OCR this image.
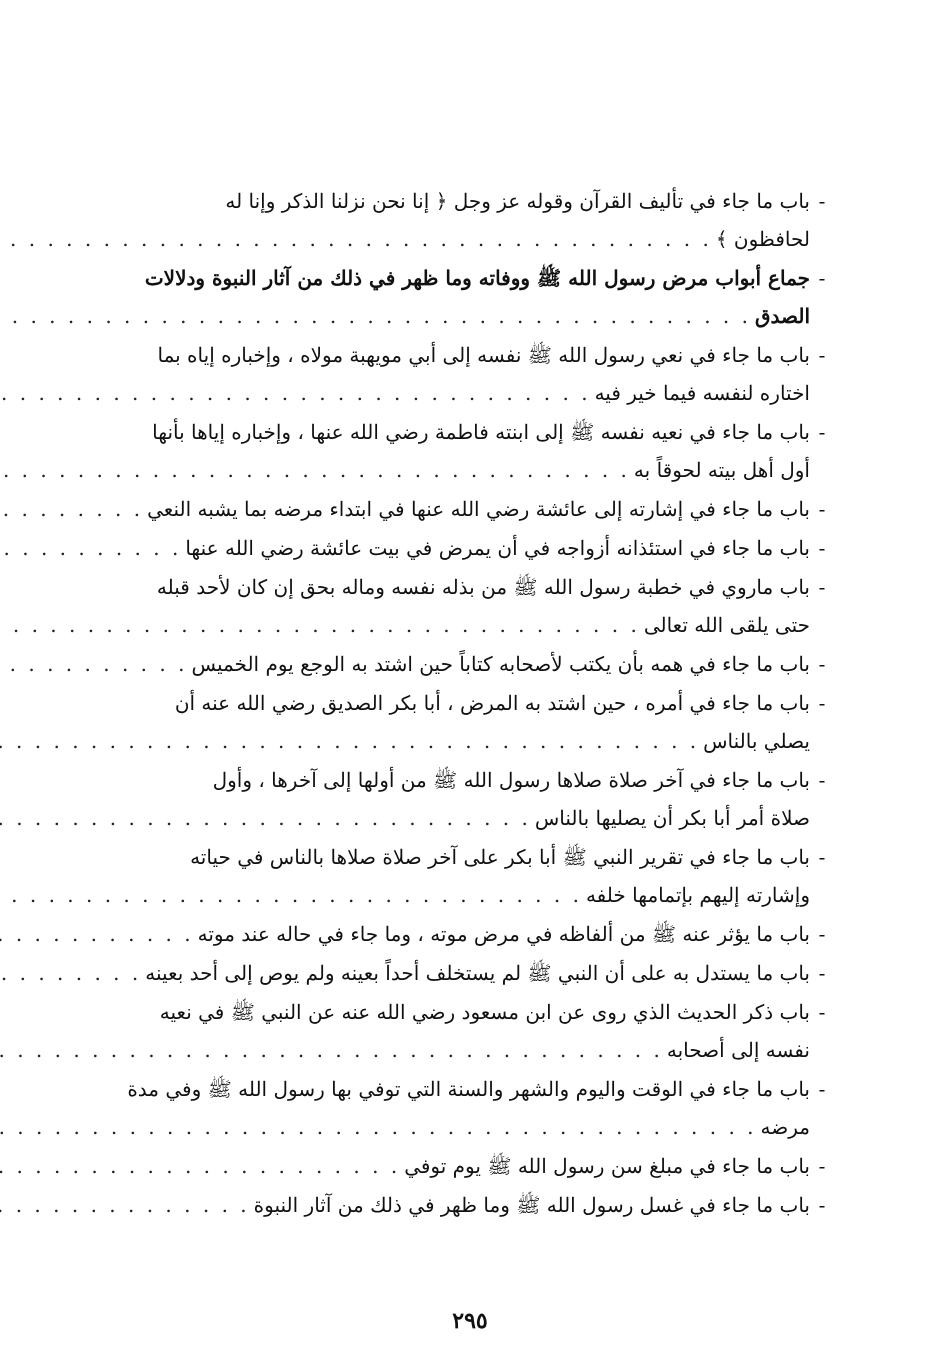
-
باب ما جاء في تأليف القرآن وقوله عز وجل ﴿ إنا نحن نزلنا الذكر وإنا له
لحافظون ﴾
. . .
-
جماع أبواب مرض رسول الله ﷺ ووفاته وما ظهر في ذلك من آثار النبوة ودلالات
الصدق
. . .
-
باب ما جاء في نعي رسول الله ﷺ نفسه إلى أبي مويهبة مولاه ، وإخباره إياه بما
اختاره لنفسه فيما خير فيه
. . .
-
باب ما جاء في نعيه نفسه ﷺ إلى ابنته فاطمة رضي الله عنها ، وإخباره إياها بأنها
أول أهل بيته لحوقاً به
. . .
-
باب ما جاء في إشارته إلى عائشة رضي الله عنها في ابتداء مرضه بما يشبه النعي
. . .
-
باب ما جاء في استئذانه أزواجه في أن يمرض في بيت عائشة رضي الله عنها
. . .
-
باب ماروي في خطبة رسول الله ﷺ من بذله نفسه وماله بحق إن كان لأحد قبله
حتى يلقى الله تعالى
. . .
-
باب ما جاء في همه بأن يكتب لأصحابه كتاباً حين اشتد به الوجع يوم الخميس
. . .
-
باب ما جاء في أمره ، حين اشتد به المرض ، أبا بكر الصديق رضي الله عنه أن
يصلي بالناس
. . .
-
باب ما جاء في آخر صلاة صلاها رسول الله ﷺ من أولها إلى آخرها ، وأول
صلاة أمر أبا بكر أن يصليها بالناس
. . .
-
باب ما جاء في تقرير النبي ﷺ أبا بكر على آخر صلاة صلاها بالناس في حياته
وإشارته إليهم بإتمامها خلفه
. . .
-
باب ما يؤثر عنه ﷺ من ألفاظه في مرض موته ، وما جاء في حاله عند موته
. . .
-
باب ما يستدل به على أن النبي ﷺ لم يستخلف أحداً بعينه ولم يوص إلى أحد بعينه
. . .
-
باب ذكر الحديث الذي روى عن ابن مسعود رضي الله عنه عن النبي ﷺ في نعيه
نفسه إلى أصحابه
. . .
-
باب ما جاء في الوقت واليوم والشهر والسنة التي توفي بها رسول الله ﷺ وفي مدة
مرضه
. . .
-
باب ما جاء في مبلغ سن رسول الله ﷺ يوم توفي
. . .
-
باب ما جاء في غسل رسول الله ﷺ وما ظهر في ذلك من آثار النبوة
. . .
٢٩٥
